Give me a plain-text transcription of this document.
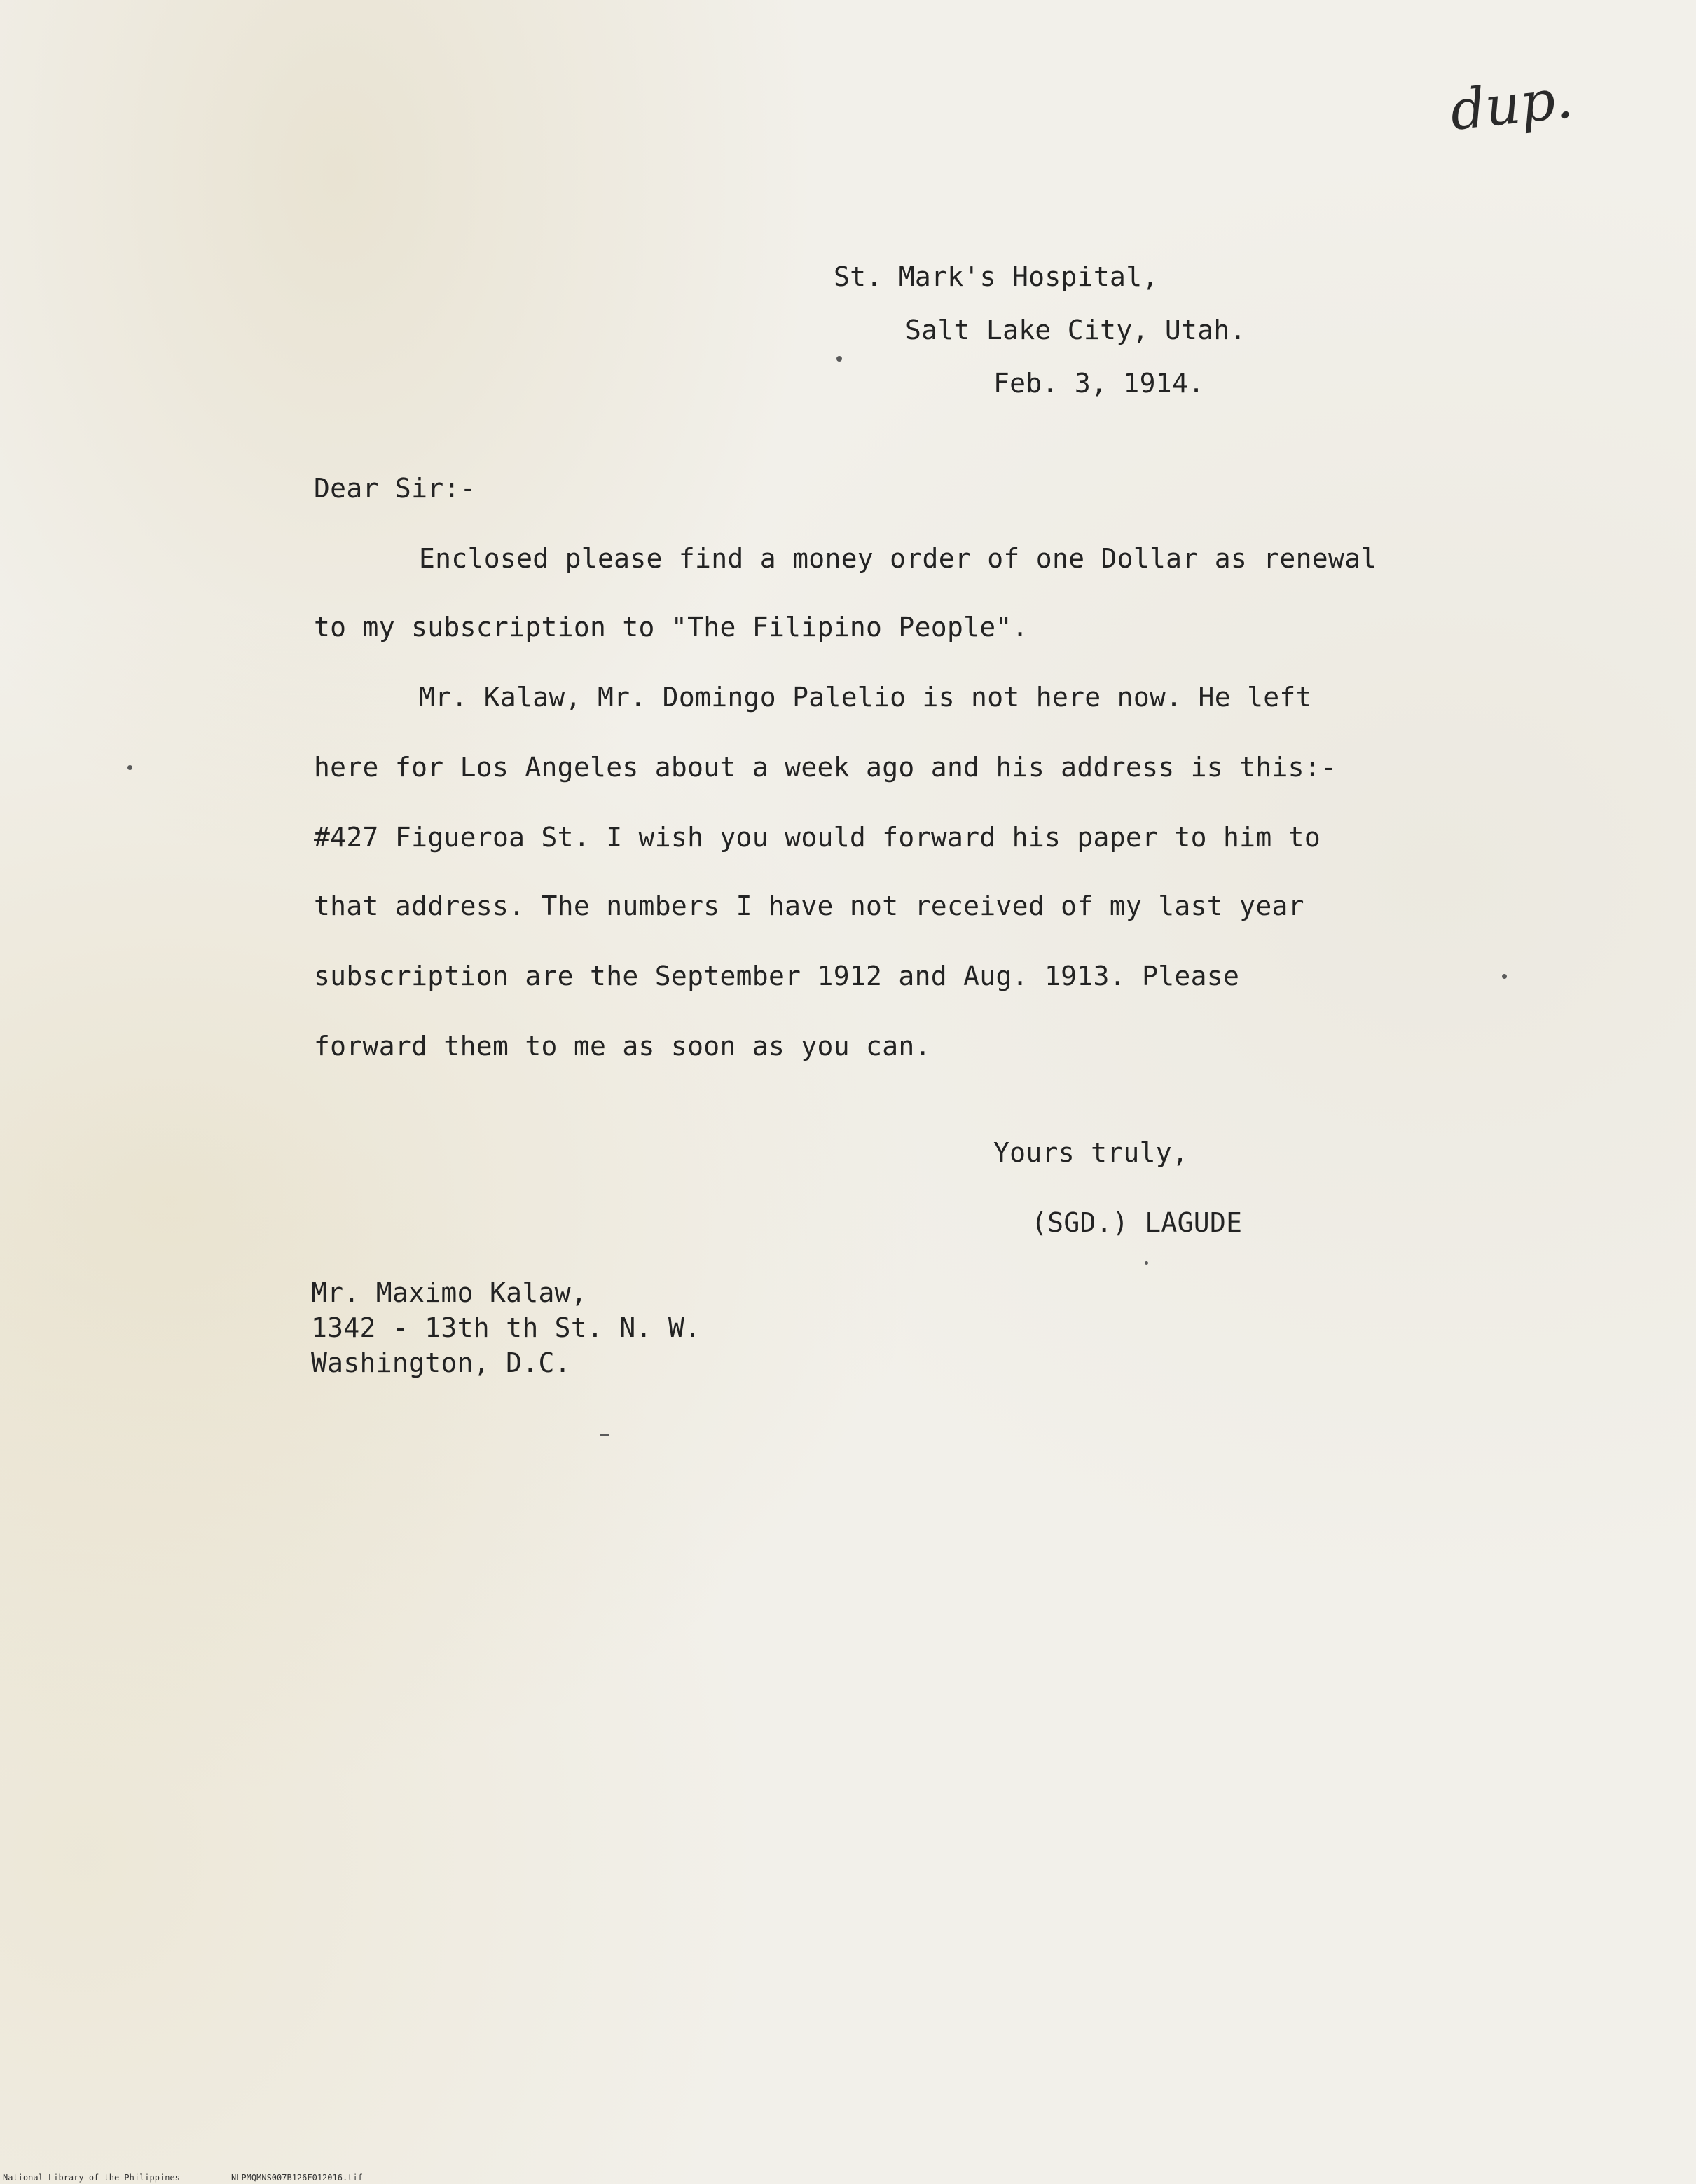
dup.
St. Mark's Hospital,
Salt Lake City, Utah.
Feb. 3, 1914.
Dear Sir:-
Enclosed please find a money order of one Dollar as renewal
to my subscription to "The Filipino People".
Mr. Kalaw, Mr. Domingo Palelio is not here now. He left
here for Los Angeles about a week ago and his address is this:-
#427 Figueroa St. I wish you would forward his paper to him to
that address. The numbers I have not received of my last year
subscription are the September 1912 and Aug. 1913. Please
forward them to me as soon as you can.
Yours truly,
(SGD.) LAGUDE
Mr. Maximo Kalaw,
1342 - 13th th St. N. W.
Washington, D.C.
National Library of the Philippines	NLPMQMNS007B126F012016.tif
